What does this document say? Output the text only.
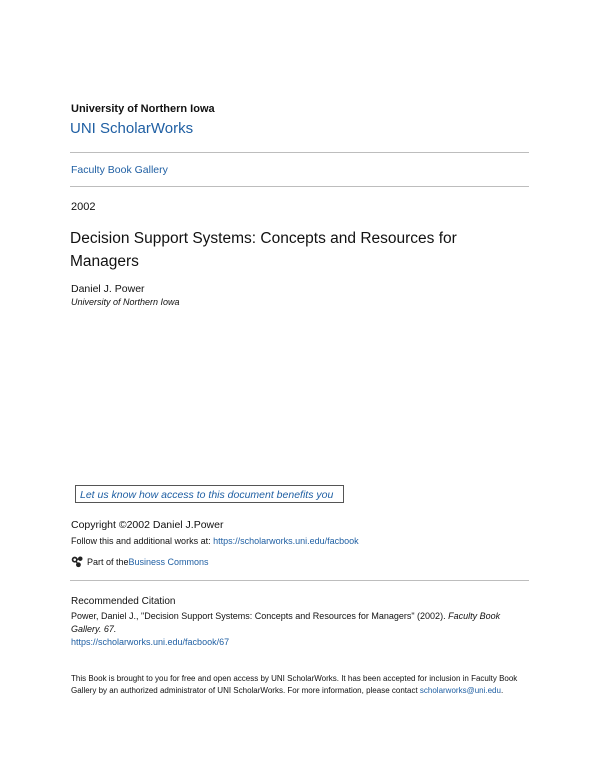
University of Northern Iowa
UNI ScholarWorks
Faculty Book Gallery
2002
Decision Support Systems: Concepts and Resources for Managers
Daniel J. Power
University of Northern Iowa
Let us know how access to this document benefits you
Copyright ©2002 Daniel J.Power
Follow this and additional works at: https://scholarworks.uni.edu/facbook
Part of the Business Commons
Recommended Citation
Power, Daniel J., "Decision Support Systems: Concepts and Resources for Managers" (2002). Faculty Book Gallery. 67.
https://scholarworks.uni.edu/facbook/67
This Book is brought to you for free and open access by UNI ScholarWorks. It has been accepted for inclusion in Faculty Book Gallery by an authorized administrator of UNI ScholarWorks. For more information, please contact scholarworks@uni.edu.
